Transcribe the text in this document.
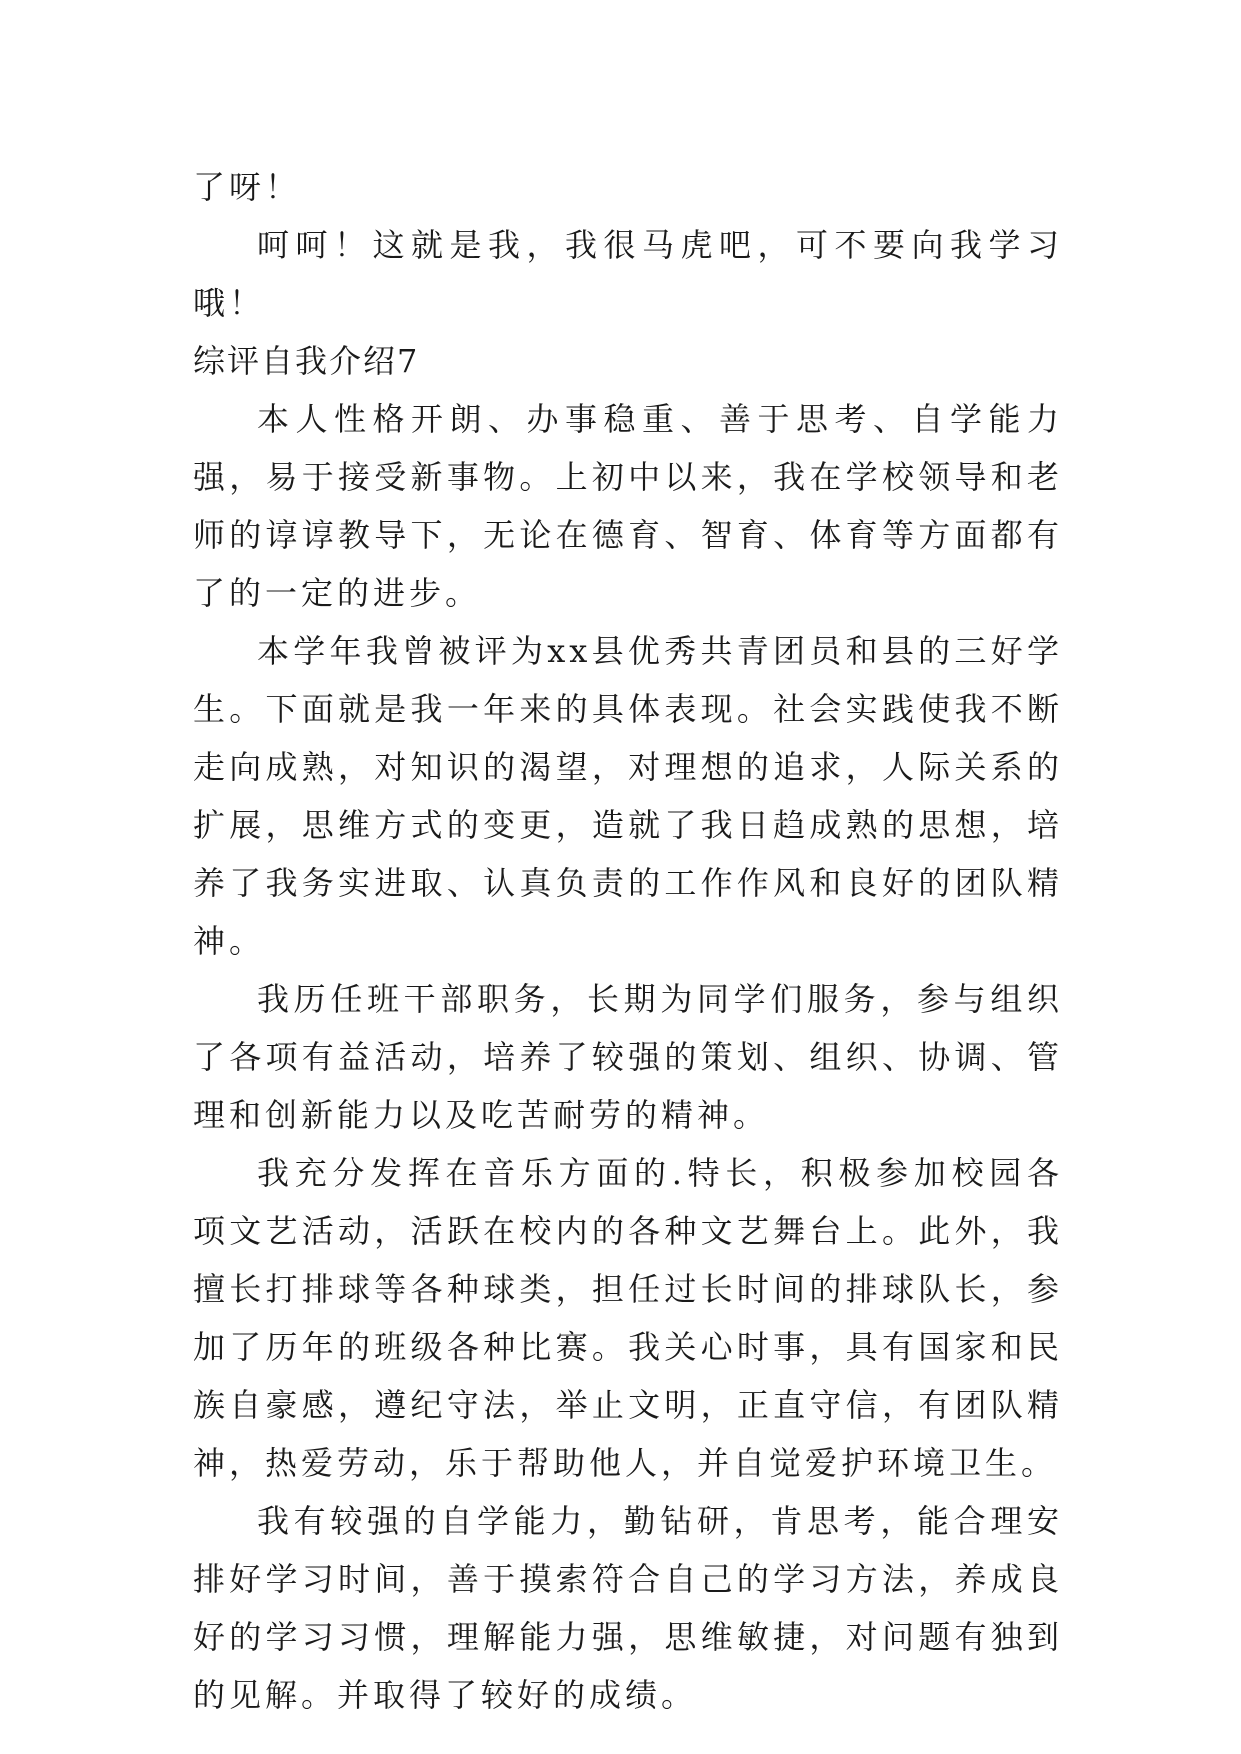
了呀！

呵呵！这就是我，我很马虎吧，可不要向我学习哦！

综评自我介绍7

本人性格开朗、办事稳重、善于思考、自学能力强，易于接受新事物。上初中以来，我在学校领导和老师的谆谆教导下，无论在德育、智育、体育等方面都有了的一定的进步。

本学年我曾被评为xx县优秀共青团员和县的三好学生。下面就是我一年来的具体表现。社会实践使我不断走向成熟，对知识的渴望，对理想的追求，人际关系的扩展，思维方式的变更，造就了我日趋成熟的思想，培养了我务实进取、认真负责的工作作风和良好的团队精神。

我历任班干部职务，长期为同学们服务，参与组织了各项有益活动，培养了较强的策划、组织、协调、管理和创新能力以及吃苦耐劳的精神。

我充分发挥在音乐方面的.特长，积极参加校园各项文艺活动，活跃在校内的各种文艺舞台上。此外，我擅长打排球等各种球类，担任过长时间的排球队长，参加了历年的班级各种比赛。我关心时事，具有国家和民族自豪感，遵纪守法，举止文明，正直守信，有团队精神，热爱劳动，乐于帮助他人，并自觉爱护环境卫生。

我有较强的自学能力，勤钻研，肯思考，能合理安排好学习时间，善于摸索符合自己的学习方法，养成良好的学习习惯，理解能力强，思维敏捷，对问题有独到的见解。并取得了较好的成绩。
